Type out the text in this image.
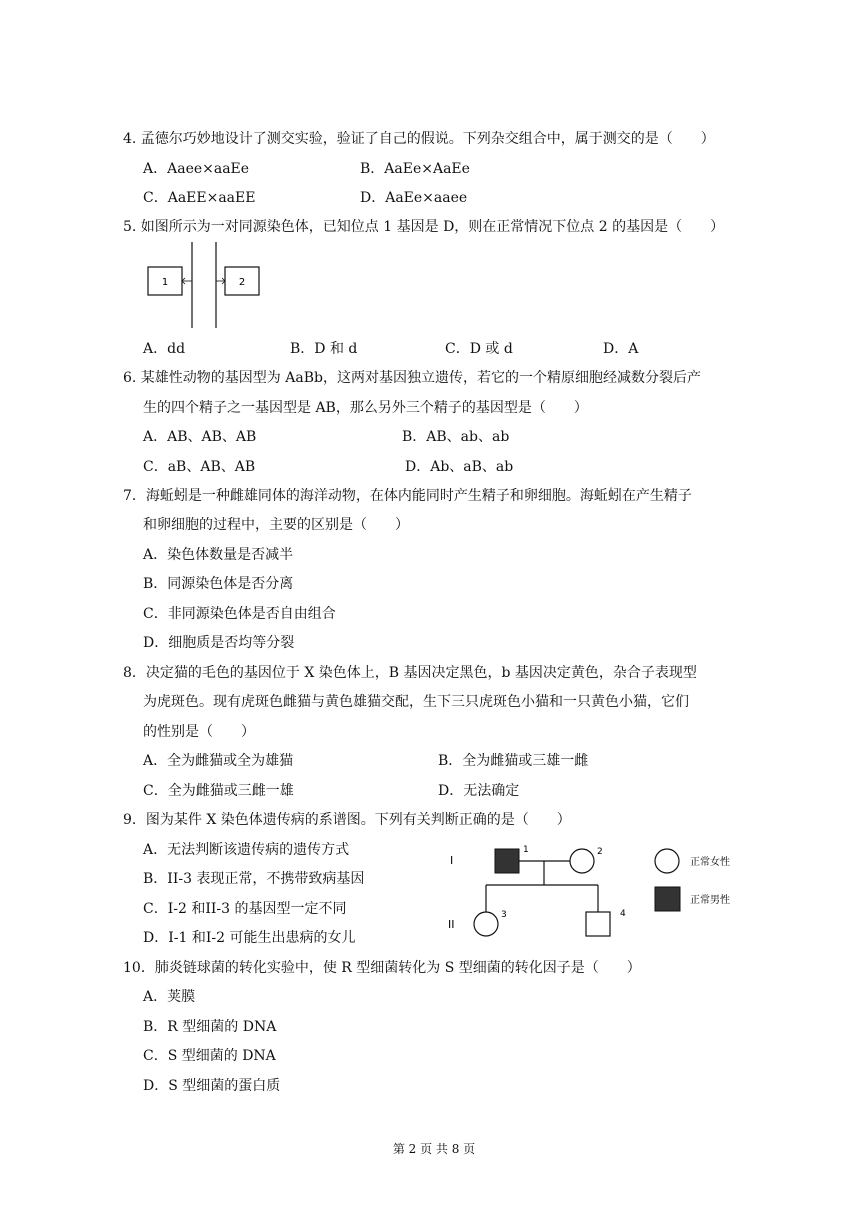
4. 孟德尔巧妙地设计了测交实验，验证了自己的假说。下列杂交组合中，属于测交的是（　　）
A．Aaee×aaEe	B．AaEe×AaEe
C．AaEE×aaEE	D．AaEe×aaee
5. 如图所示为一对同源染色体，已知位点 1 基因是 D，则在正常情况下位点 2 的基因是（　　）
1	2
A．dd	B．D 和 d	C．D 或 d	D．A
6. 某雄性动物的基因型为 AaBb，这两对基因独立遗传，若它的一个精原细胞经减数分裂后产
生的四个精子之一基因型是 AB，那么另外三个精子的基因型是（　　）
A．AB、AB、AB	B．AB、ab、ab
C．aB、AB、AB	D．Ab、aB、ab
7．海蚯蚓是一种雌雄同体的海洋动物，在体内能同时产生精子和卵细胞。海蚯蚓在产生精子
和卵细胞的过程中，主要的区别是（　　）
A．染色体数量是否减半
B．同源染色体是否分离
C．非同源染色体是否自由组合
D．细胞质是否均等分裂
8．决定猫的毛色的基因位于 X 染色体上，B 基因决定黑色，b 基因决定黄色，杂合子表现型
为虎斑色。现有虎斑色雌猫与黄色雄猫交配，生下三只虎斑色小猫和一只黄色小猫，它们
的性别是（　　）
A．全为雌猫或全为雄猫	B．全为雌猫或三雄一雌
C．全为雌猫或三雌一雄	D．无法确定
9．图为某件 X 染色体遗传病的系谱图。下列有关判断正确的是（　　）
A．无法判断该遗传病的遗传方式
B．II-3 表现正常，不携带致病基因
C．I-2 和II-3 的基因型一定不同
D．I-1 和I-2 可能生出患病的女儿
I
II
1	2
3	4
正常女性
正常男性
10．肺炎链球菌的转化实验中，使 R 型细菌转化为 S 型细菌的转化因子是（　　）
A．荚膜
B．R 型细菌的 DNA
C．S 型细菌的 DNA
D．S 型细菌的蛋白质
第 2 页 共 8 页
